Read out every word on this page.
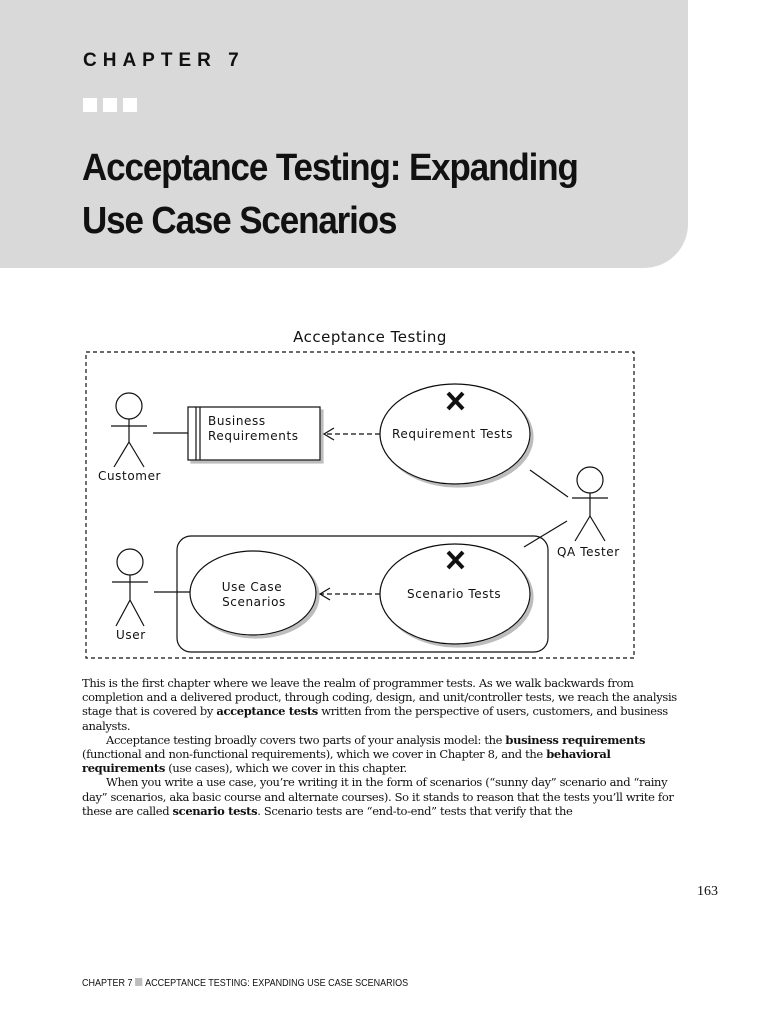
CHAPTER 7
Acceptance Testing: Expanding
Use Case Scenarios
Acceptance Testing
Customer
Business
Requirements	Requirement Tests
QA Tester
User
Use Case
Scenarios
Scenario Tests

This is the first chapter where we leave the realm of programmer tests. As we walk backwards from completion and a delivered product, through coding, design, and unit/controller tests, we reach the analysis stage that is covered by acceptance tests written from the perspective of users, customers, and business analysts.

Acceptance testing broadly covers two parts of your analysis model: the business requirements (functional and non-functional requirements), which we cover in Chapter 8, and the behavioral requirements (use cases), which we cover in this chapter.

When you write a use case, you’re writing it in the form of scenarios (“sunny day” scenario and “rainy day” scenarios, aka basic course and alternate courses). So it stands to reason that the tests you’ll write for these are called scenario tests. Scenario tests are “end-to-end” tests that verify that the

163
CHAPTER 7 ACCEPTANCE TESTING: EXPANDING USE CASE SCENARIOS
